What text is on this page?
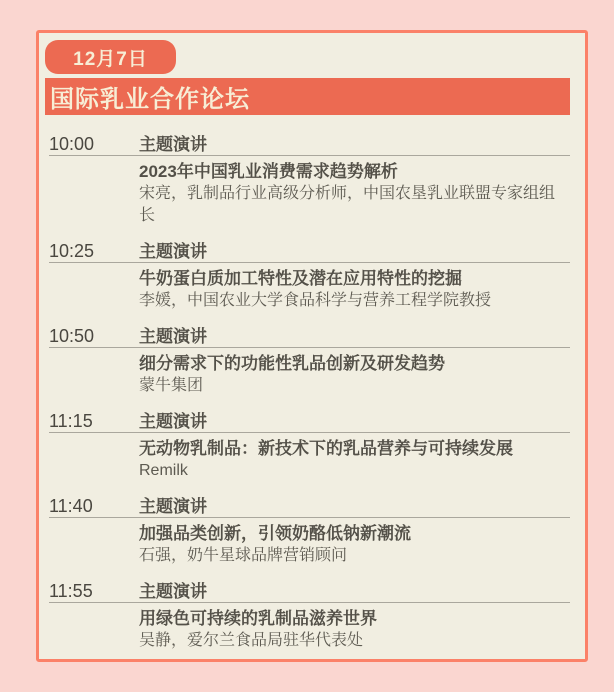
12月7日
国际乳业合作论坛
10:00	主题演讲
2023年中国乳业消费需求趋势解析
宋亮，乳制品行业高级分析师，中国农垦乳业联盟专家组组长
10:25	主题演讲
牛奶蛋白质加工特性及潜在应用特性的挖掘
李媛，中国农业大学食品科学与营养工程学院教授
10:50	主题演讲
细分需求下的功能性乳品创新及研发趋势
蒙牛集团
11:15	主题演讲
无动物乳制品：新技术下的乳品营养与可持续发展
Remilk
11:40	主题演讲
加强品类创新，引领奶酪低钠新潮流
石强，奶牛星球品牌营销顾问
11:55	主题演讲
用绿色可持续的乳制品滋养世界
吴静，爱尔兰食品局驻华代表处
